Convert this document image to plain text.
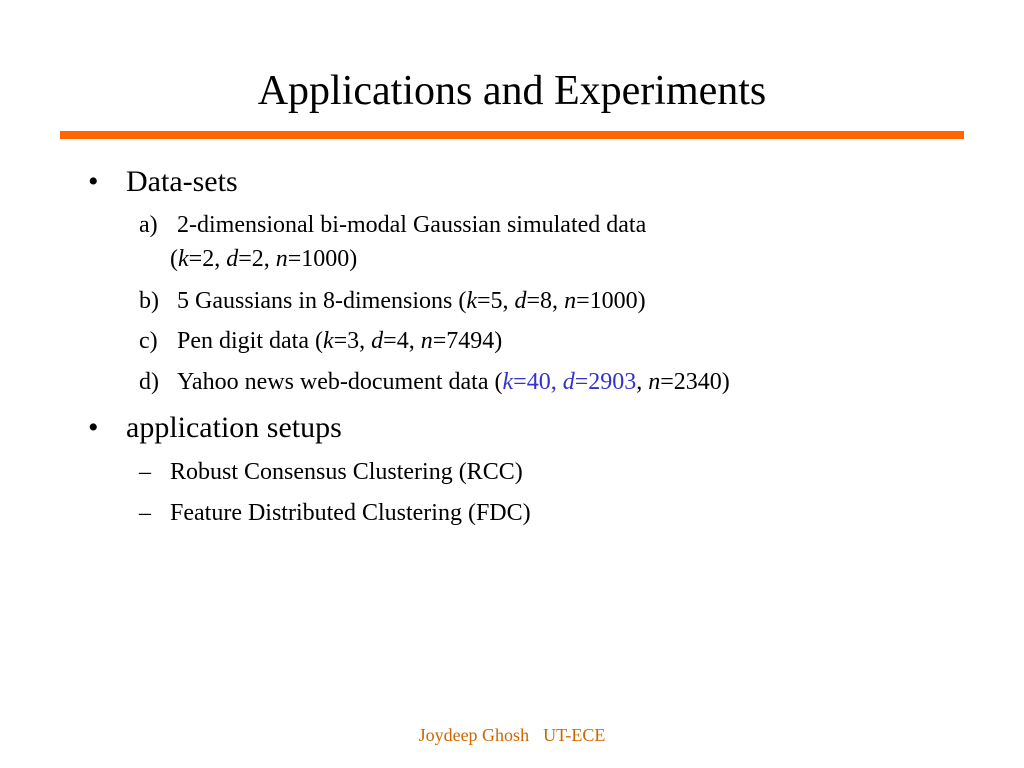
Applications and Experiments
• Data-sets
a) 2-dimensional bi-modal Gaussian simulated data
(k=2, d=2, n=1000)
b) 5 Gaussians in 8-dimensions (k=5, d=8, n=1000)
c) Pen digit data (k=3, d=4, n=7494)
d) Yahoo news web-document data (k=40, d=2903, n=2340)
• application setups
– Robust Consensus Clustering (RCC)
– Feature Distributed Clustering (FDC)
Joydeep Ghosh UT-ECE
